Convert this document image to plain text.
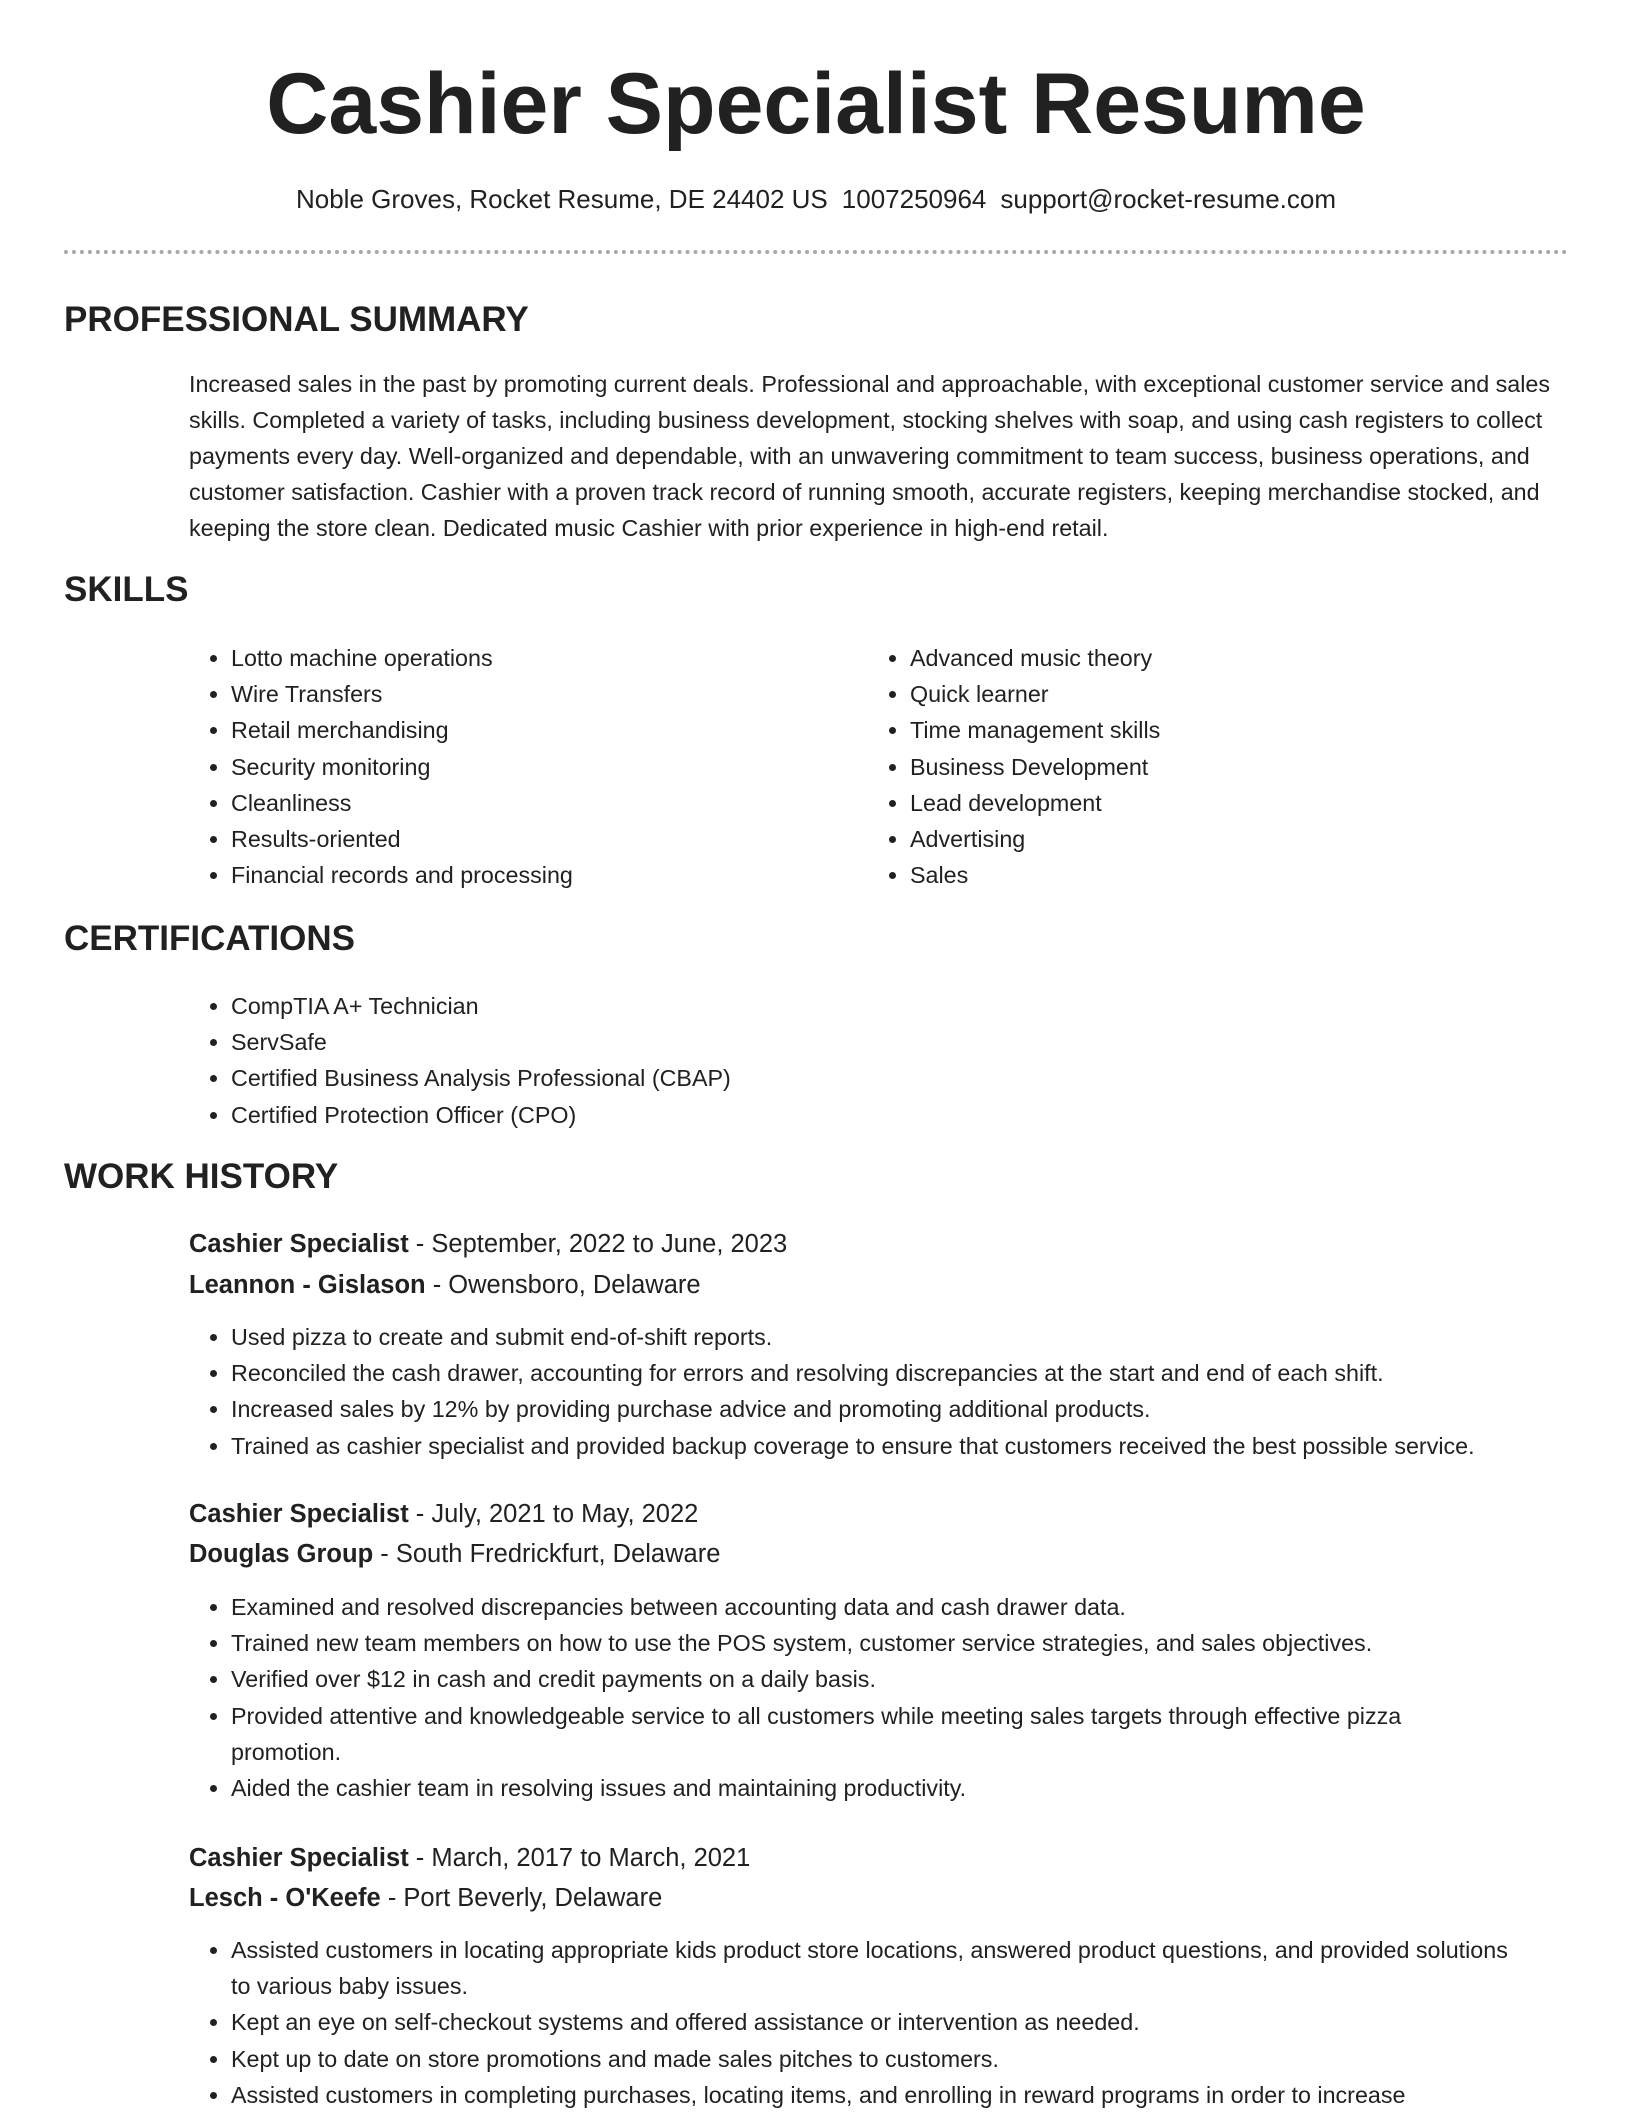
Cashier Specialist Resume
Noble Groves, Rocket Resume, DE 24402 US 1007250964 support@rocket-resume.com
PROFESSIONAL SUMMARY

Increased sales in the past by promoting current deals. Professional and approachable, with exceptional customer service and sales skills. Completed a variety of tasks, including business development, stocking shelves with soap, and using cash registers to collect payments every day. Well-organized and dependable, with an unwavering commitment to team success, business operations, and customer satisfaction. Cashier with a proven track record of running smooth, accurate registers, keeping merchandise stocked, and keeping the store clean. Dedicated music Cashier with prior experience in high-end retail.

SKILLS
• Lotto machine operations
• Wire Transfers
• Retail merchandising
• Security monitoring
• Cleanliness
• Results-oriented
• Financial records and processing
• Advanced music theory
• Quick learner
• Time management skills
• Business Development
• Lead development
• Advertising
• Sales
CERTIFICATIONS
• CompTIA A+ Technician
• ServSafe
• Certified Business Analysis Professional (CBAP)
• Certified Protection Officer (CPO)
WORK HISTORY
Cashier Specialist - September, 2022 to June, 2023
Leannon - Gislason - Owensboro, Delaware
• Used pizza to create and submit end-of-shift reports.
• Reconciled the cash drawer, accounting for errors and resolving discrepancies at the start and end of each shift.
• Increased sales by 12% by providing purchase advice and promoting additional products.
• Trained as cashier specialist and provided backup coverage to ensure that customers received the best possible service.
Cashier Specialist - July, 2021 to May, 2022
Douglas Group - South Fredrickfurt, Delaware
• Examined and resolved discrepancies between accounting data and cash drawer data.
• Trained new team members on how to use the POS system, customer service strategies, and sales objectives.
• Verified over $12 in cash and credit payments on a daily basis.
• Provided attentive and knowledgeable service to all customers while meeting sales targets through effective pizza promotion.
• Aided the cashier team in resolving issues and maintaining productivity.
Cashier Specialist - March, 2017 to March, 2021
Lesch - O'Keefe - Port Beverly, Delaware
• Assisted customers in locating appropriate kids product store locations, answered product questions, and provided solutions to various baby issues.
• Kept an eye on self-checkout systems and offered assistance or intervention as needed.
• Kept up to date on store promotions and made sales pitches to customers.
• Assisted customers in completing purchases, locating items, and enrolling in reward programs in order to increase
